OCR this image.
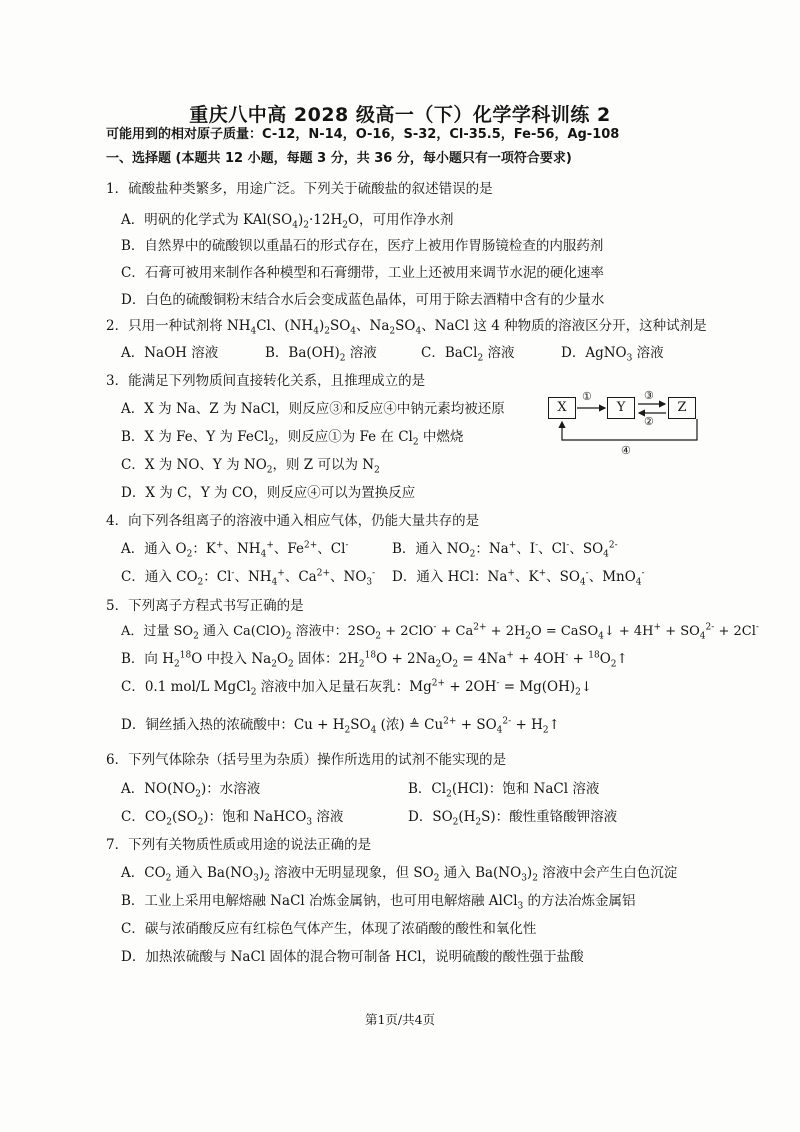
重庆八中高 2028 级高一（下）化学学科训练 2
可能用到的相对原子质量：C-12，N-14，O-16，S-32，Cl-35.5，Fe-56，Ag-108
一、选择题 (本题共 12 小题，每题 3 分，共 36 分，每小题只有一项符合要求)
1．硫酸盐种类繁多，用途广泛。下列关于硫酸盐的叙述错误的是
A．明矾的化学式为 $KAl(SO_4)_2\cdot 12H_2O$，可用作净水剂
B．自然界中的硫酸钡以重晶石的形式存在，医疗上被用作胃肠镜检查的内服药剂
C．石膏可被用来制作各种模型和石膏绷带，工业上还被用来调节水泥的硬化速率
D．白色的硫酸铜粉末结合水后会变成蓝色晶体，可用于除去酒精中含有的少量水
2．只用一种试剂将 $NH_4Cl$、$(NH_4)_2SO_4$、$Na_2SO_4$、NaCl 这 4 种物质的溶液区分开，这种试剂是
A．NaOH 溶液	B．$Ba(OH)_2$ 溶液	C．BaCl$_2$ 溶液	D．AgNO$_3$ 溶液
3．能满足下列物质间直接转化关系，且推理成立的是
A．X 为 Na、Z 为 NaCl，则反应③和反应④中钠元素均被还原
B．X 为 Fe、Y 为 FeCl$_2$，则反应①为 Fe 在 $Cl_2$ 中燃烧
C．X 为 NO、Y 为 $NO_2$，则 Z 可以为 $N_2$
D．X 为 C，Y 为 CO，则反应④可以为置换反应
X	Y	Z
①	③
②
④
4．向下列各组离子的溶液中通入相应气体，仍能大量共存的是
A．通入 $O_2$：K+、$NH_4^+$、$Fe^{2+}$、Cl-	B．通入 $NO_2$：Na+、I-、Cl-、$SO_4^{2-}$
C．通入 $CO_2$：Cl-、$NH_4^+$、$Ca^{2+}$、$NO_3^-$ D．通入 HCl：Na+、K+、$SO_4^-$、MnO$_4$-
5．下列离子方程式书写正确的是
A．过量 $SO_2$ 通入 $Ca(ClO)_2$ 溶液中：$2SO_2 + 2ClO^- + Ca^{2+} + 2H_2O$ = CaSO$_4$↓ + $4H^+ + SO_4^{2-} + 2Cl^-$
B．向 $H_2^{18}O$ 中投入 $Na_2O_2$ 固体：$2H_2^{18}O + 2Na_2O_2 = 4Na^+ + 4OH^-$ + $^{18}O_2↑$
C．0.1 mol/L MgCl$_2$ 溶液中加入足量石灰乳：$Mg^{2+} + 2OH^-$ = $Mg(OH)_2↓$
D．铜丝插入热的浓硫酸中：$Cu + H_2SO_4$ (浓) ≜ $Cu^{2+} + SO_4^{2-}$ + $H_2↑$
6．下列气体除杂（括号里为杂质）操作所选用的试剂不能实现的是
A．$NO(NO_2)$：水溶液	B．$Cl_2(HCl)$：饱和 NaCl 溶液
C．$CO_2(SO_2)$：饱和 NaHCO$_3$ 溶液	D．$SO_2(H_2S)$：酸性重铬酸钾溶液
7．下列有关物质性质或用途的说法正确的是
A．$CO_2$ 通入 $Ba(NO_3)_2$ 溶液中无明显现象，但 $SO_2$ 通入 $Ba(NO_3)_2$ 溶液中会产生白色沉淀
B．工业上采用电解熔融 NaCl 冶炼金属钠，也可用电解熔融 AlCl$_3$ 的方法冶炼金属铝
C．碳与浓硝酸反应有红棕色气体产生，体现了浓硝酸的酸性和氧化性
D．加热浓硫酸与 NaCl 固体的混合物可制备 HCl，说明硫酸的酸性强于盐酸
第1页/共4页
